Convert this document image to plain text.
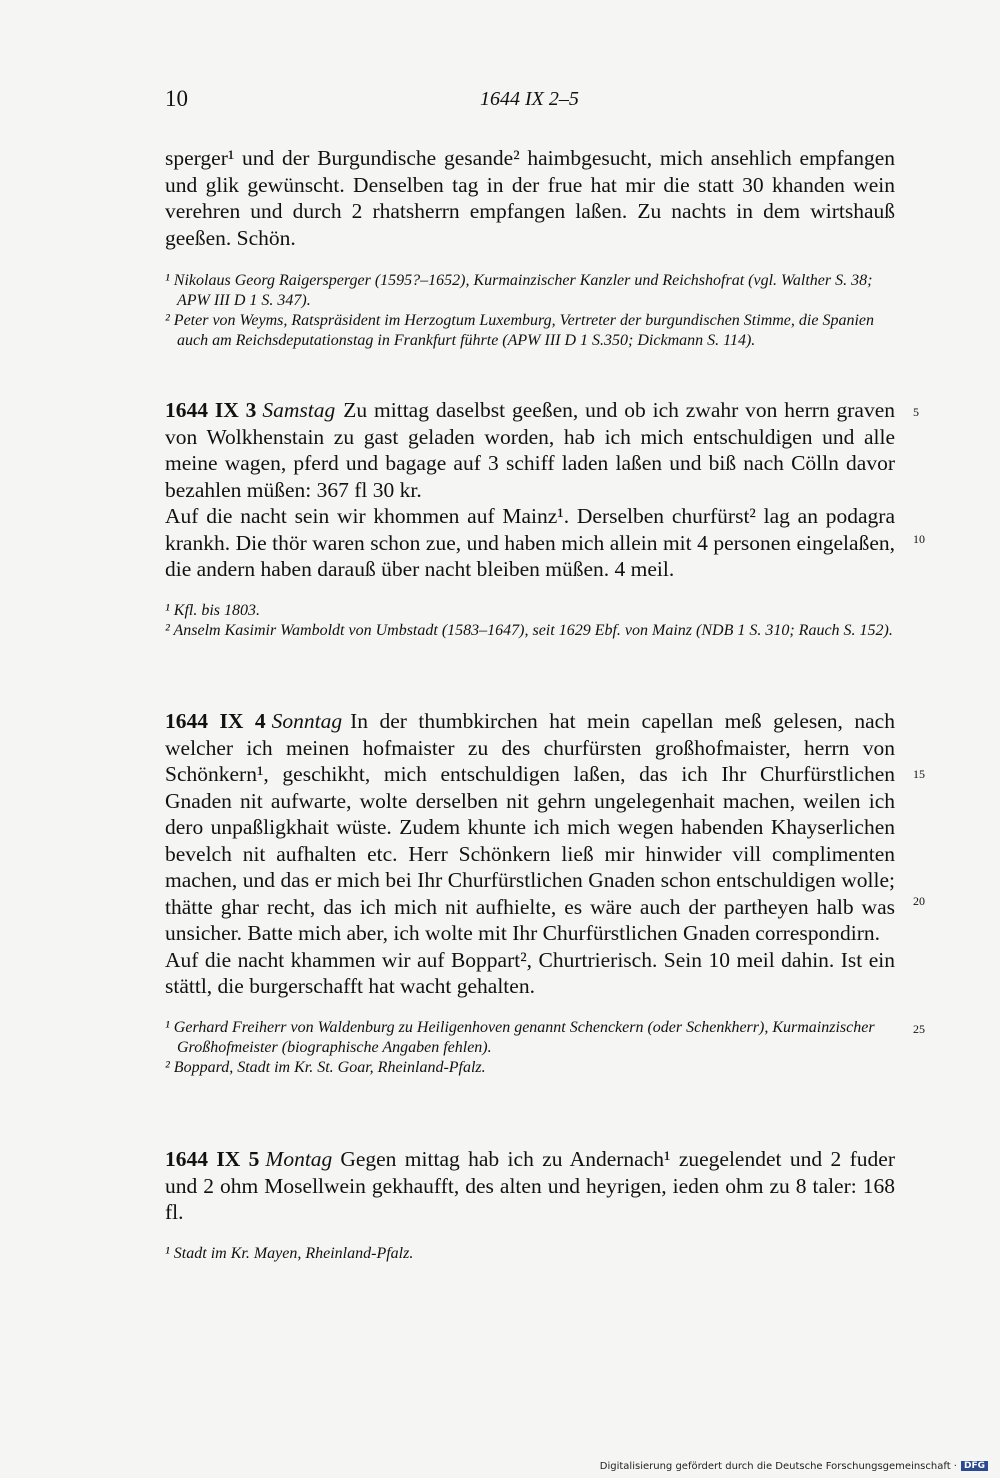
10	1644 IX 2–5

sperger¹ und der Burgundische gesande² haimbgesucht, mich ansehlich empfangen und glik gewünscht. Denselben tag in der frue hat mir die statt 30 khanden wein verehren und durch 2 rhatsherrn empfangen laßen. Zu nachts in dem wirtshauß geeßen. Schön.

¹ Nikolaus Georg Raigersperger (1595?–1652), Kurmainzischer Kanzler und Reichshofrat (vgl. Walther S. 38; APW III D 1 S. 347).

² Peter von Weyms, Ratspräsident im Herzogtum Luxemburg, Vertreter der burgundischen Stimme, die Spanien auch am Reichsdeputationstag in Frankfurt führte (APW III D 1 S.350; Dickmann S. 114).

1644 IX 3 Samstag Zu mittag daselbst geeßen, und ob ich zwahr von herrn graven von Wolkhenstain zu gast geladen worden, hab ich mich entschuldigen und alle meine wagen, pferd und bagage auf 3 schiff laden laßen und biß nach Cölln davor bezahlen müßen: 367 fl 30 kr.

Auf die nacht sein wir khommen auf Mainz¹. Derselben churfürst² lag an podagra krankh. Die thör waren schon zue, und haben mich allein mit 4 personen eingelaßen, die andern haben darauß über nacht bleiben müßen. 4 meil.

¹ Kfl. bis 1803.

² Anselm Kasimir Wamboldt von Umbstadt (1583–1647), seit 1629 Ebf. von Mainz (NDB 1 S. 310; Rauch S. 152).

5
10

1644 IX 4 Sonntag In der thumbkirchen hat mein capellan meß gelesen, nach welcher ich meinen hofmaister zu des churfürsten großhofmaister, herrn von Schönkern¹, geschikht, mich entschuldigen laßen, das ich Ihr Churfürstlichen Gnaden nit aufwarte, wolte derselben nit gehrn ungelegenhait machen, weilen ich dero unpaßligkhait wüste. Zudem khunte ich mich wegen habenden Khayserlichen bevelch nit aufhalten etc. Herr Schönkern ließ mir hinwider vill complimenten machen, und das er mich bei Ihr Churfürstlichen Gnaden schon entschuldigen wolle; thätte ghar recht, das ich mich nit aufhielte, es wäre auch der partheyen halb was unsicher. Batte mich aber, ich wolte mit Ihr Churfürstlichen Gnaden correspondirn.

Auf die nacht khammen wir auf Boppart², Churtrierisch. Sein 10 meil dahin. Ist ein stättl, die burgerschafft hat wacht gehalten.

¹ Gerhard Freiherr von Waldenburg zu Heiligenhoven genannt Schenckern (oder Schenkherr), Kurmainzischer Großhofmeister (biographische Angaben fehlen).

² Boppard, Stadt im Kr. St. Goar, Rheinland-Pfalz.

15
20
25

1644 IX 5 Montag Gegen mittag hab ich zu Andernach¹ zuegelendet und 2 fuder und 2 ohm Mosellwein gekhaufft, des alten und heyrigen, ieden ohm zu 8 taler: 168 fl.

¹ Stadt im Kr. Mayen, Rheinland-Pfalz.

Digitalisierung gefördert durch die Deutsche Forschungsgemeinschaft · DFG
